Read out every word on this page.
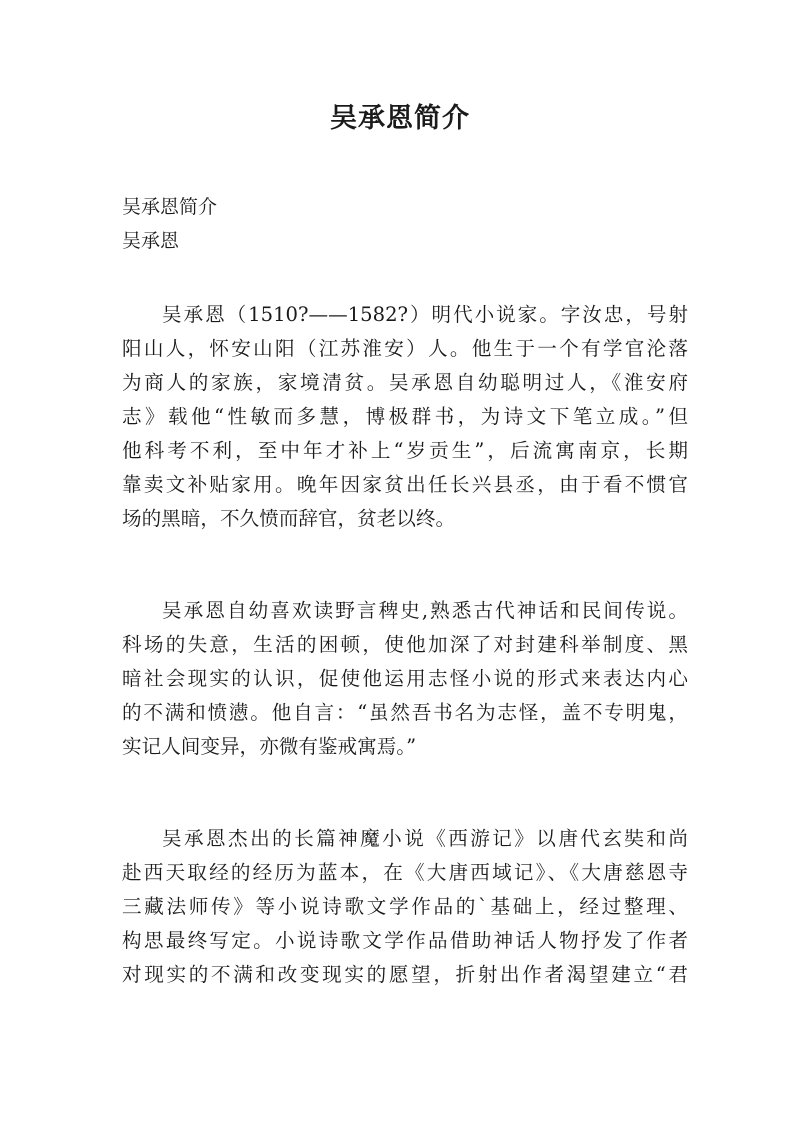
吴承恩简介
吴承恩简介
吴承恩
吴承恩（1510?——1582?）明代小说家。字汝忠，号射
阳山人，怀安山阳（江苏淮安）人。他生于一个有学官沦落
为商人的家族，家境清贫。吴承恩自幼聪明过人，《淮安府
志》载他“性敏而多慧，博极群书，为诗文下笔立成。”但
他科考不利，至中年才补上“岁贡生”，后流寓南京，长期
靠卖文补贴家用。晚年因家贫出任长兴县丞，由于看不惯官
场的黑暗，不久愤而辞官，贫老以终。
吴承恩自幼喜欢读野言稗史,熟悉古代神话和民间传说。
科场的失意，生活的困顿，使他加深了对封建科举制度、黑
暗社会现实的认识，促使他运用志怪小说的形式来表达内心
的不满和愤懑。他自言：“虽然吾书名为志怪，盖不专明鬼，
实记人间变异，亦微有鉴戒寓焉。”
吴承恩杰出的长篇神魔小说《西游记》以唐代玄奘和尚
赴西天取经的经历为蓝本，在《大唐西域记》、《大唐慈恩寺
三藏法师传》等小说诗歌文学作品的`基础上，经过整理、
构思最终写定。小说诗歌文学作品借助神话人物抒发了作者
对现实的不满和改变现实的愿望，折射出作者渴望建立“君
